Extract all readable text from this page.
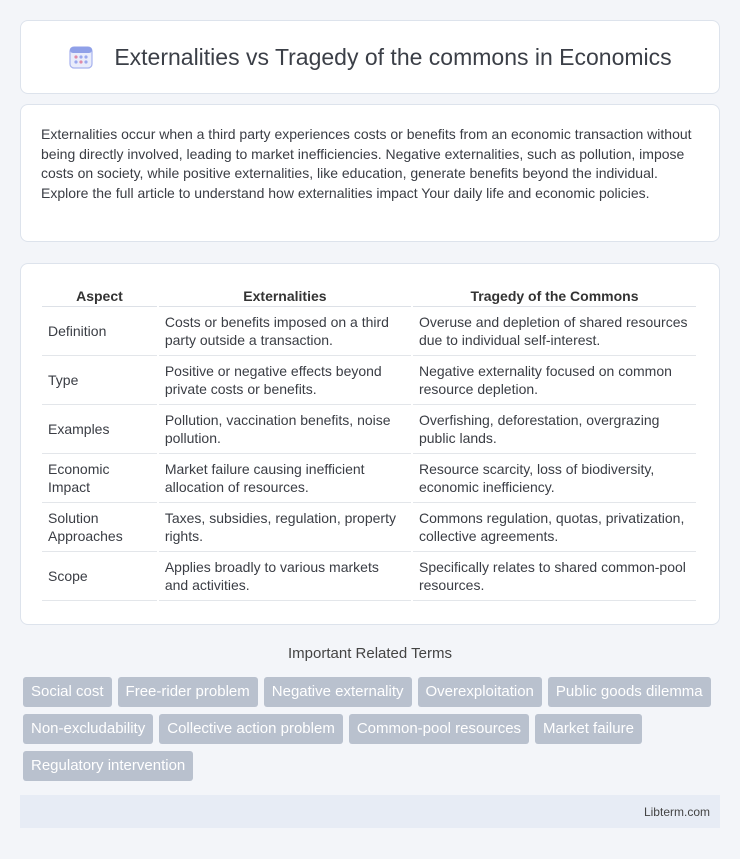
Externalities vs Tragedy of the commons in Economics

Externalities occur when a third party experiences costs or benefits from an economic transaction without being directly involved, leading to market inefficiencies. Negative externalities, such as pollution, impose costs on society, while positive externalities, like education, generate benefits beyond the individual. Explore the full article to understand how externalities impact Your daily life and economic policies.

Aspect	Externalities	Tragedy of the Commons
Definition	Costs or benefits imposed on a third party outside a transaction.	Overuse and depletion of shared resources due to individual self-interest.
Type	Positive or negative effects beyond private costs or benefits.	Negative externality focused on common resource depletion.
Examples	Pollution, vaccination benefits, noise pollution.	Overfishing, deforestation, overgrazing public lands.
Economic Impact	Market failure causing inefficient allocation of resources.	Resource scarcity, loss of biodiversity, economic inefficiency.
Solution Approaches	Taxes, subsidies, regulation, property rights.	Commons regulation, quotas, privatization, collective agreements.
Scope	Applies broadly to various markets and activities.	Specifically relates to shared common-pool resources.
Important Related Terms
Social cost	Free-rider problem	Negative externality	Overexploitation	Public goods dilemma
Non-excludability	Collective action problem	Common-pool resources	Market failure
Regulatory intervention
Libterm.com
